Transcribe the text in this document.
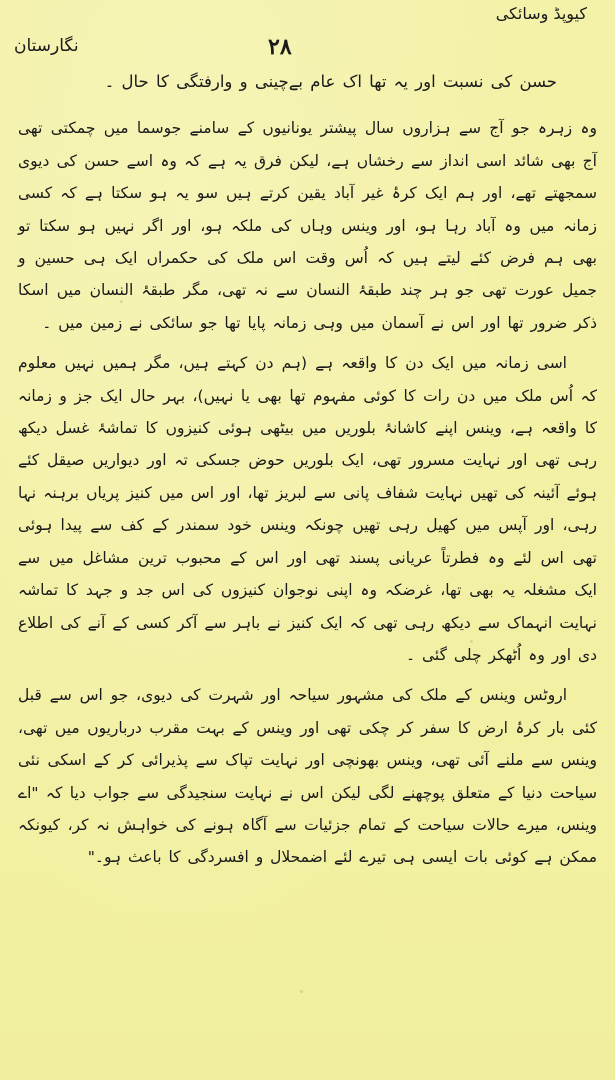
کیوپڈ وسائکی
۲۸
نگارستان

حسن کی نسبت اور یہ تھا اک عام بےچینی و وارفتگی کا حال ۔

وہ زہرہ جو آج سے ہزاروں سال پیشتر یونانیوں کے سامنے جوسما میں چمکتی تھی آج بھی شائد اسی انداز سے رخشاں ہے، لیکن فرق یہ ہے کہ وہ اسے حسن کی دیوی سمجھتے تھے، اور ہم ایک کرۂ غیر آباد یقین کرتے ہیں سو یہ ہو سکتا ہے کہ کسی زمانہ میں وہ آباد رہا ہو، اور وینس وہاں کی ملکہ ہو، اور اگر نہیں ہو سکتا تو بھی ہم فرض کئے لیتے ہیں کہ اُس وقت اس ملک کی حکمراں ایک ہی حسین و جمیل عورت تھی جو ہر چند طبقۂ النسان سے نہ تھی، مگر طبقۂ النسان میں اسکا ذکر ضرور تھا اور اس نے آسمان میں وہی زمانہ پایا تھا جو سائکی نے زمین میں ۔

اسی زمانہ میں ایک دن کا واقعہ ہے (ہم دن کہتے ہیں، مگر ہمیں نہیں معلوم کہ اُس ملک میں دن رات کا کوئی مفہوم تھا بھی یا نہیں)، بہر حال ایک جز و زمانہ کا واقعہ ہے، وینس اپنے کاشانۂ بلوریں میں بیٹھی ہوئی کنیزوں کا تماشۂ غسل دیکھ رہی تھی اور نہایت مسرور تھی، ایک بلوریں حوض جسکی تہ اور دیواریں صیقل کئے ہوئے آئینہ کی تھیں نہایت شفاف پانی سے لبریز تھا، اور اس میں کنیز پریاں برہنہ نہا رہی، اور آپس میں کھیل رہی تھیں چونکہ وینس خود سمندر کے کف سے پیدا ہوئی تھی اس لئے وہ فطرتاً عریانی پسند تھی اور اس کے محبوب ترین مشاغل میں سے ایک مشغلہ یہ بھی تھا، غرضکہ وہ اپنی نوجوان کنیزوں کی اس جد و جہد کا تماشہ نہایت انہماک سے دیکھ رہی تھی کہ ایک کنیز نے باہر سے آکر کسی کے آنے کی اطلاع دی اور وہ اُٹھکر چلی گئی ۔

اروٹس وینس کے ملک کی مشہور سیاحہ اور شہرت کی دیوی، جو اس سے قبل کئی بار کرۂ ارض کا سفر کر چکی تھی اور وینس کے بہت مقرب درباریوں میں تھی، وینس سے ملنے آئی تھی، وینس بھونچی اور نہایت تپاک سے پذیرائی کر کے اسکی نئی سیاحت دنیا کے متعلق پوچھنے لگی لیکن اس نے نہایت سنجیدگی سے جواب دیا کہ "اے وینس، میرے حالات سیاحت کے تمام جزئیات سے آگاہ ہونے کی خواہش نہ کر، کیونکہ ممکن ہے کوئی بات ایسی ہی تیرے لئے اضمحلال و افسردگی کا باعث ہو۔"
